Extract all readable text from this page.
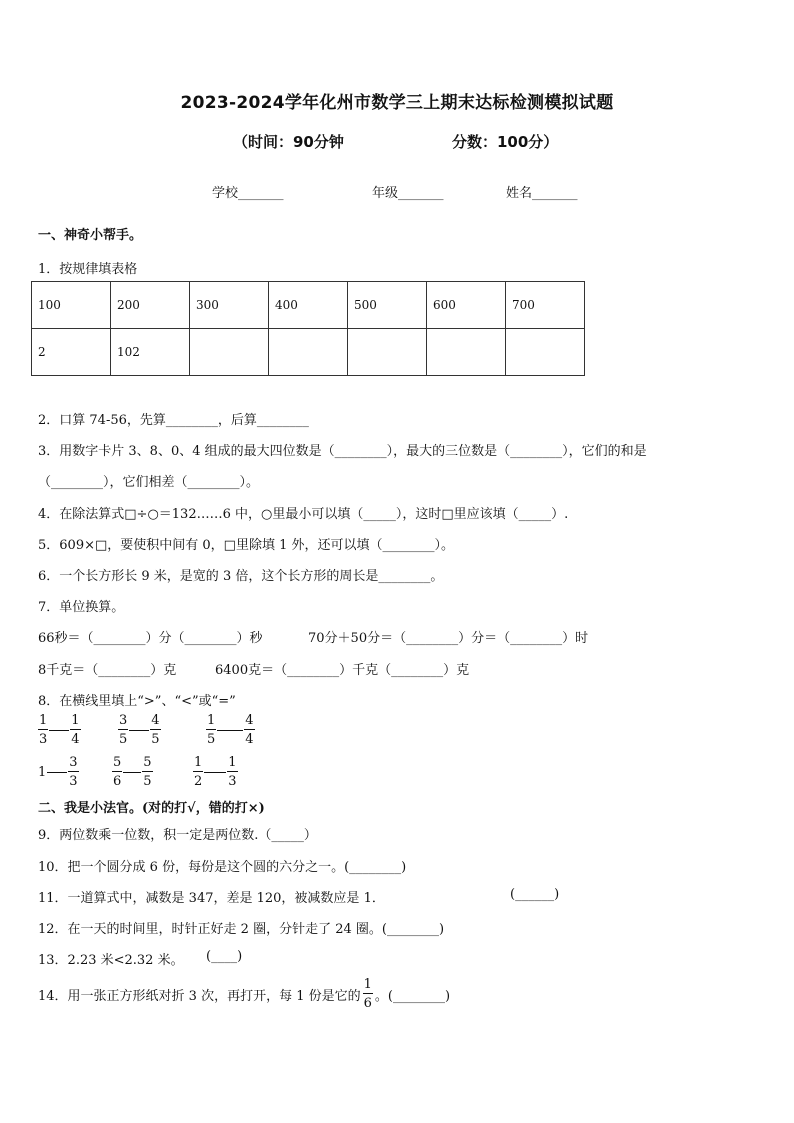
2023-2024学年化州市数学三上期末达标检测模拟试题
（时间：90分钟	分数：100分）
学校_______	年级_______	姓名_______
一、神奇小帮手。
1．按规律填表格
100	200	300	400	500	600	700
2	102					
2．口算 74-56，先算________，后算________
3．用数字卡片 3、8、0、4 组成的最大四位数是（________），最大的三位数是（________），它们的和是
（________），它们相差（________）。
4．在除法算式□÷○＝132……6 中，○里最小可以填（_____），这时□里应该填（_____）.
5．609×□，要使积中间有 0，□里除填 1 外，还可以填（________）。
6．一个长方形长 9 米，是宽的 3 倍，这个长方形的周长是________。
7．单位换算。
66秒＝（________）分（________）秒	70分＋50分＝（________）分＝（________）时
8千克＝（________）克	6400克＝（________）千克（________）克
8．在横线里填上“>”、“<”或“=”
$\frac{1}{3} \frac{1}{4}$	$\frac{3}{5} \frac{4}{5}$	$\frac{1}{5} \frac{4}{4}$
$1 \frac{3}{3}$	$\frac{5}{6} \frac{5}{5}$	$\frac{1}{2} \frac{1}{3}$
二、我是小法官。(对的打√，错的打×)
9．两位数乘一位数，积一定是两位数.（_____）
10．把一个圆分成 6 份，每份是这个圆的六分之一。(________)
11．一道算式中，减数是 347，差是 120，被减数应是 1．	(______)
12．在一天的时间里，时针正好走 2 圈，分针走了 24 圈。(________)
13．2.23 米<2.32 米。 (____)
14．用一张正方形纸对折 3 次，再打开，每 1 份是它的 $\frac{1}{6}$ 。(________)
